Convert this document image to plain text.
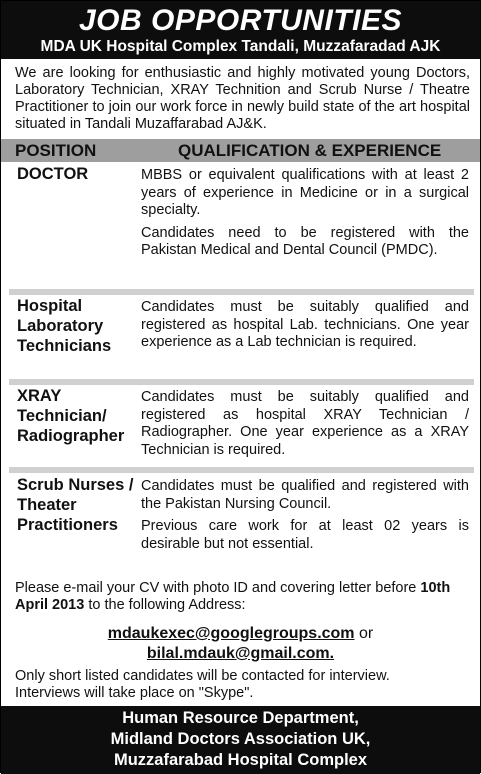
JOB OPPORTUNITIES
MDA UK Hospital Complex Tandali, Muzzafaradad AJK
We are looking for enthusiastic and highly motivated young Doctors, Laboratory Technician, XRAY Technition and Scrub Nurse / Theatre Practitioner to join our work force in newly build state of the art hospital situated in Tandali Muzaffarabad AJ&K.
POSITION	QUALIFICATION & EXPERIENCE
DOCTOR	MBBS or equivalent qualifications with at least 2 years of experience in Medicine or in a surgical specialty.

Candidates need to be registered with the Pakistan Medical and Dental Council (PMDC).

Hospital Laboratory Technicians

Candidates must be suitably qualified and registered as hospital Lab. technicians. One year experience as a Lab technician is required.

XRAY Technician/ Radiographer

Candidates must be suitably qualified and registered as hospital XRAY Technician / Radiographer. One year experience as a XRAY Technician is required.

Scrub Nurses / Theater Practitioners

Candidates must be qualified and registered with the Pakistan Nursing Council.

Previous care work for at least 02 years is desirable but not essential.

Please e-mail your CV with photo ID and covering letter before 10th April 2013 to the following Address:
mdaukexec@googlegroups.com or
bilal.mdauk@gmail.com.
Only short listed candidates will be contacted for interview.
Interviews will take place on "Skype".
Human Resource Department,
Midland Doctors Association UK,
Muzzafarabad Hospital Complex
